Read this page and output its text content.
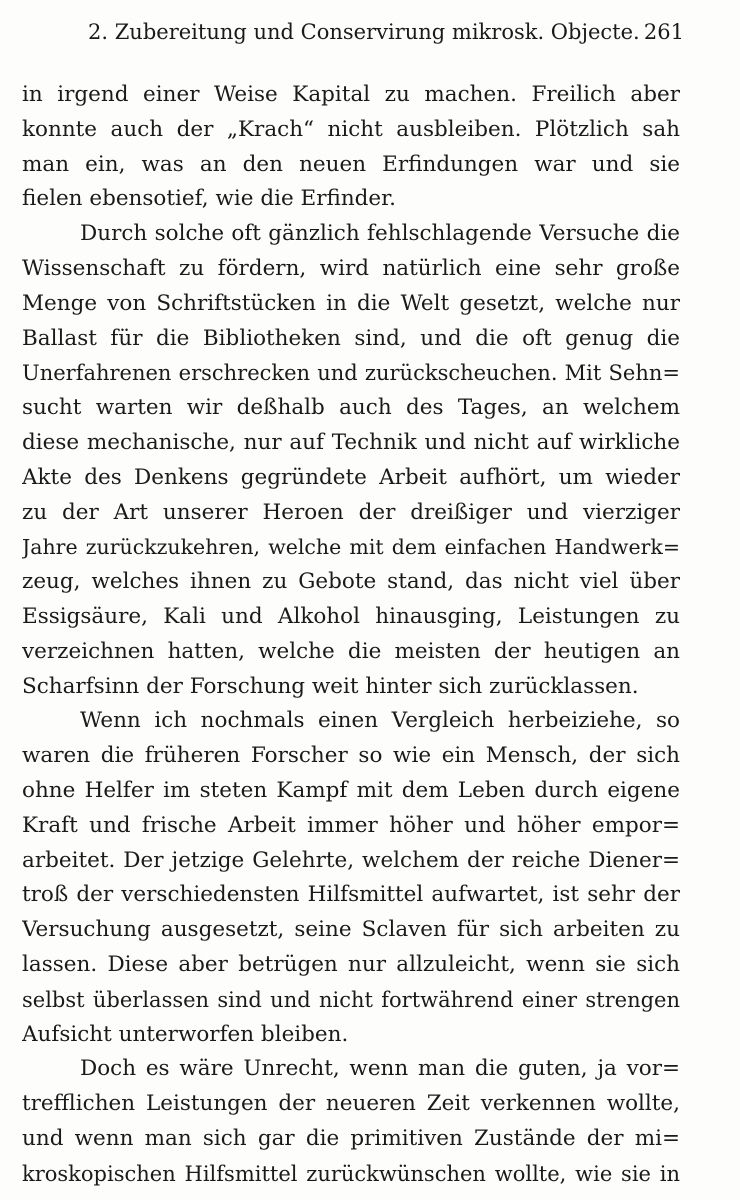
2. Zubereitung und Conservirung mikrosk. Objecte. 261
in irgend einer Weise Kapital zu machen. Freilich aber
konnte auch der „Krach“ nicht ausbleiben. Plötzlich sah
man ein, was an den neuen Erfindungen war und sie
fielen ebensotief, wie die Erfinder.
Durch solche oft gänzlich fehlschlagende Versuche die
Wissenschaft zu fördern, wird natürlich eine sehr große
Menge von Schriftstücken in die Welt gesetzt, welche nur
Ballast für die Bibliotheken sind, und die oft genug die
Unerfahrenen erschrecken und zurückscheuchen. Mit Sehn=
sucht warten wir deßhalb auch des Tages, an welchem
diese mechanische, nur auf Technik und nicht auf wirkliche
Akte des Denkens gegründete Arbeit aufhört, um wieder
zu der Art unserer Heroen der dreißiger und vierziger
Jahre zurückzukehren, welche mit dem einfachen Handwerk=
zeug, welches ihnen zu Gebote stand, das nicht viel über
Essigsäure, Kali und Alkohol hinausging, Leistungen zu
verzeichnen hatten, welche die meisten der heutigen an
Scharfsinn der Forschung weit hinter sich zurücklassen.
Wenn ich nochmals einen Vergleich herbeiziehe, so
waren die früheren Forscher so wie ein Mensch, der sich
ohne Helfer im steten Kampf mit dem Leben durch eigene
Kraft und frische Arbeit immer höher und höher empor=
arbeitet. Der jetzige Gelehrte, welchem der reiche Diener=
troß der verschiedensten Hilfsmittel aufwartet, ist sehr der
Versuchung ausgesetzt, seine Sclaven für sich arbeiten zu
lassen. Diese aber betrügen nur allzuleicht, wenn sie sich
selbst überlassen sind und nicht fortwährend einer strengen
Aufsicht unterworfen bleiben.
Doch es wäre Unrecht, wenn man die guten, ja vor=
trefflichen Leistungen der neueren Zeit verkennen wollte,
und wenn man sich gar die primitiven Zustände der mi=
kroskopischen Hilfsmittel zurückwünschen wollte, wie sie in
